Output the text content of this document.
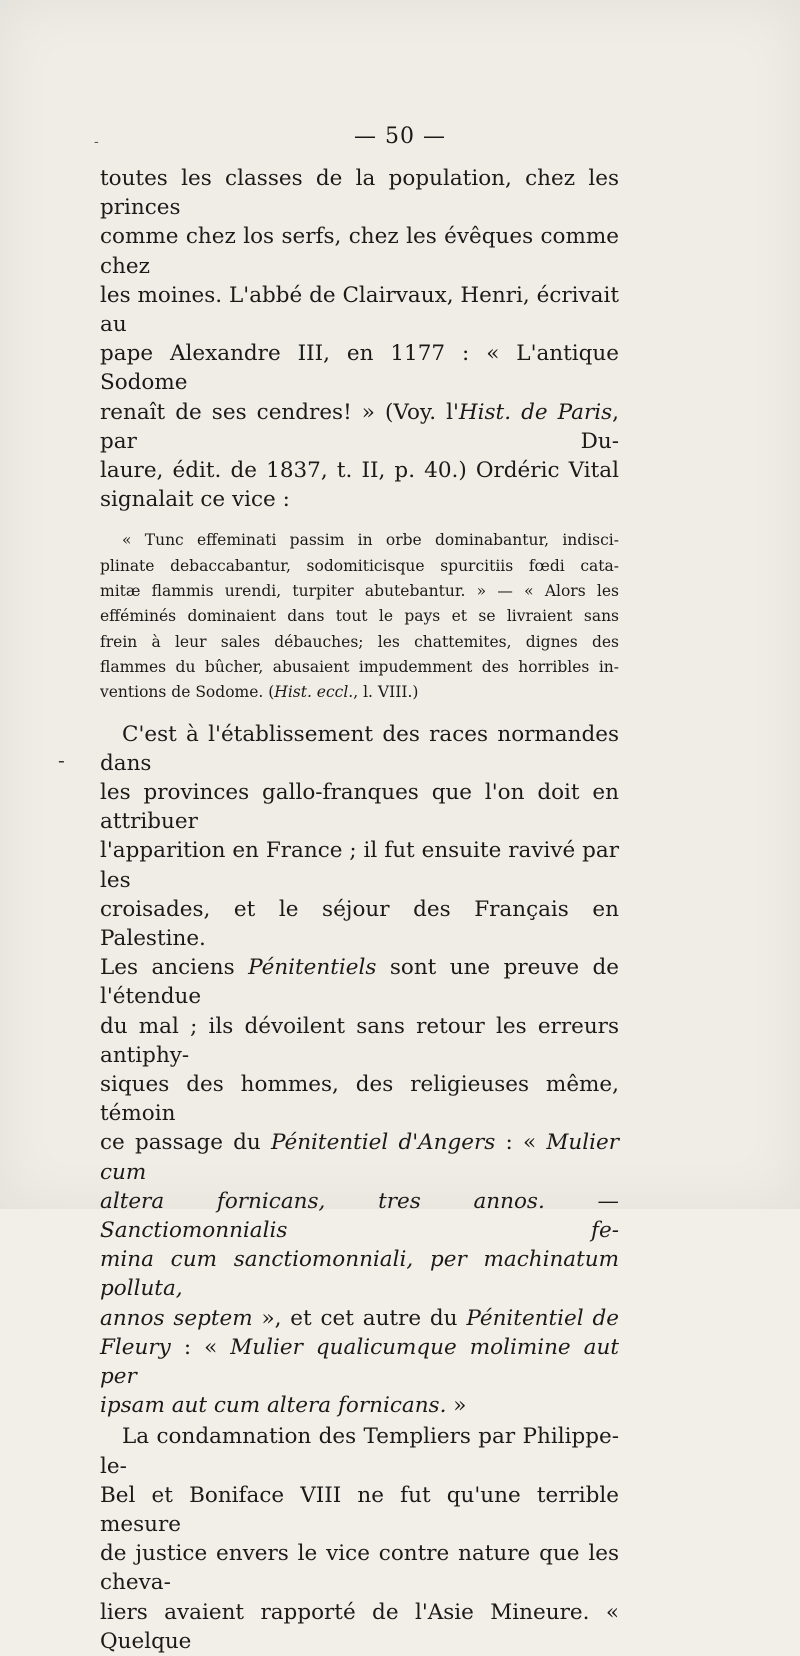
-	— 50 —

toutes les classes de la population, chez les princes
comme chez los serfs, chez les évêques comme chez
les moines. L'abbé de Clairvaux, Henri, écrivait au
pape Alexandre III, en 1177 : « L'antique Sodome
renaît de ses cendres! » (Voy. l'Hist. de Paris, par Du-
laure, édit. de 1837, t. II, p. 40.) Ordéric Vital
signalait ce vice :

« Tunc effeminati passim in orbe dominabantur, indisci-
plinate debaccabantur, sodomiticisque spurcitiis fœdi cata-
mitæ flammis urendi, turpiter abutebantur. » — « Alors les
efféminés dominaient dans tout le pays et se livraient sans
frein à leur sales débauches; les chattemites, dignes des
flammes du bûcher, abusaient impudemment des horribles in-
ventions de Sodome. (Hist. eccl., l. VIII.)

C'est à l'établissement des races normandes dans
les provinces gallo-franques que l'on doit en attribuer
l'apparition en France ; il fut ensuite ravivé par les
croisades, et le séjour des Français en Palestine.
Les anciens Pénitentiels sont une preuve de l'étendue
du mal ; ils dévoilent sans retour les erreurs antiphy-
siques des hommes, des religieuses même, témoin
ce passage du Pénitentiel d'Angers : « Mulier cum
altera fornicans, tres annos. — Sanctiomonnialis fe-
mina cum sanctiomonniali, per machinatum polluta,
annos septem », et cet autre du Pénitentiel de
Fleury : « Mulier qualicumque molimine aut per
ipsam aut cum altera fornicans. »

La condamnation des Templiers par Philippe-le-
Bel et Boniface VIII ne fut qu'une terrible mesure
de justice envers le vice contre nature que les cheva-
liers avaient rapporté de l'Asie Mineure. « Quelque

-
